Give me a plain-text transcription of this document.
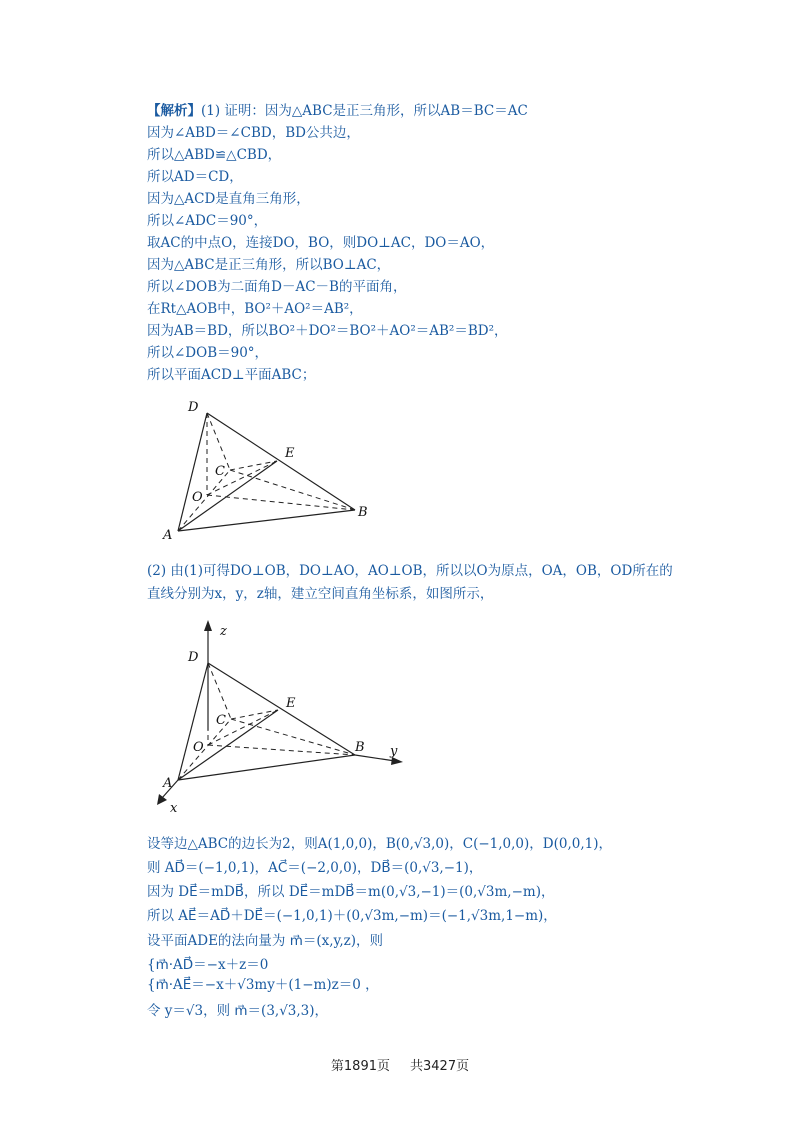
【解析】(1) 证明：因为△ABC是正三角形，所以AB＝BC＝AC
因为∠ABD＝∠CBD，BD公共边，
所以△ABD≌△CBD，
所以AD＝CD，
因为△ACD是直角三角形，
所以∠ADC＝90°，
取AC的中点O，连接DO，BO，则DO⊥AC，DO＝AO，
因为△ABC是正三角形，所以BO⊥AC，
所以∠DOB为二面角D－AC－B的平面角，
在Rt△AOB中，BO²＋AO²＝AB²，
因为AB＝BD，所以BO²＋DO²＝BO²＋AO²＝AB²＝BD²，
所以∠DOB＝90°，
所以平面ACD⊥平面ABC；
D
E
C
O
A
B
(2) 由(1)可得DO⊥OB，DO⊥AO，AO⊥OB，所以以O为原点，OA，OB，OD所在的
直线分别为x，y，z轴，建立空间直角坐标系，如图所示，
z
D
E
C
O	B y
A
x
设等边△ABC的边长为2，则A(1,0,0)，B(0,√3,0)，C(−1,0,0)，D(0,0,1)，
则 AD⃗＝(−1,0,1)，AC⃗＝(−2,0,0)，DB⃗＝(0,√3,−1)，
因为 DE⃗＝mDB⃗，所以 DE⃗＝mDB⃗＝m(0,√3,−1)＝(0,√3m,−m)，
所以 AE⃗＝AD⃗＋DE⃗＝(−1,0,1)＋(0,√3m,−m)＝(−1,√3m,1−m)，
设平面ADE的法向量为 m⃗＝(x,y,z)，则
{m⃗·AD⃗＝−x＋z＝0
{m⃗·AE⃗＝−x＋√3my＋(1−m)z＝0 ，
令 y＝√3，则 m⃗＝(3,√3,3)，
第1891页 共3427页
